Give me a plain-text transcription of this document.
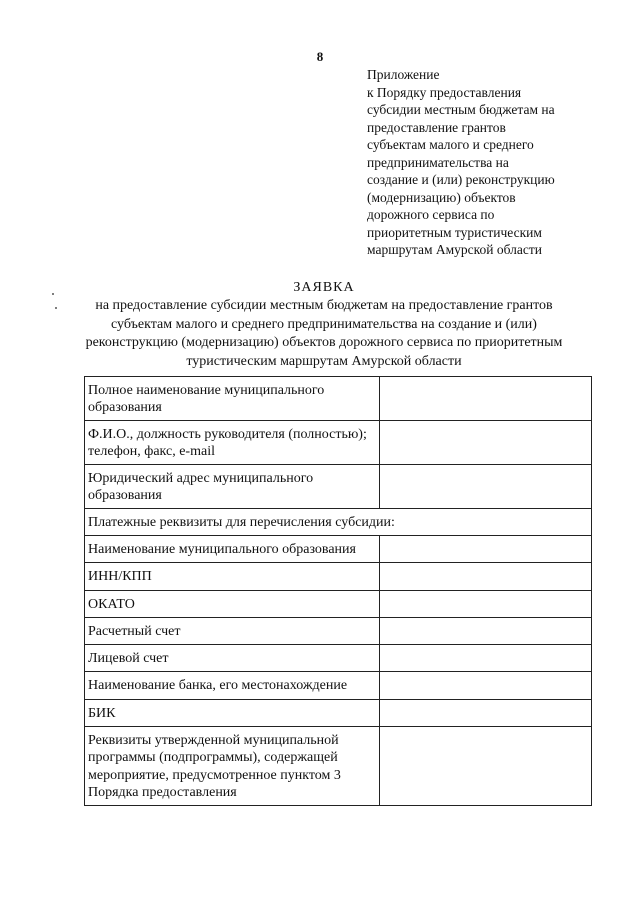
8
Приложение
к Порядку предоставления
субсидии местным бюджетам на
предоставление грантов
субъектам малого и среднего
предпринимательства на
создание и (или) реконструкцию
(модернизацию) объектов
дорожного сервиса по
приоритетным туристическим
маршрутам Амурской области
ЗАЯВКА
на предоставление субсидии местным бюджетам на предоставление грантов
субъектам малого и среднего предпринимательства на создание и (или)
реконструкцию (модернизацию) объектов дорожного сервиса по приоритетным
туристическим маршрутам Амурской области
Полное наименование муниципального
образования	

Ф.И.О., должность руководителя (полностью);
телефон, факс, e-mail	

Юридический адрес муниципального
образования	

Платежные реквизиты для перечисления субсидии:	

Наименование муниципального образования	

ИНН/КПП	

ОКАТО	

Расчетный счет	

Лицевой счет	

Наименование банка, его местонахождение	

БИК	

Реквизиты утвержденной муниципальной
программы (подпрограммы), содержащей
мероприятие, предусмотренное пунктом 3
Порядка предоставления	
